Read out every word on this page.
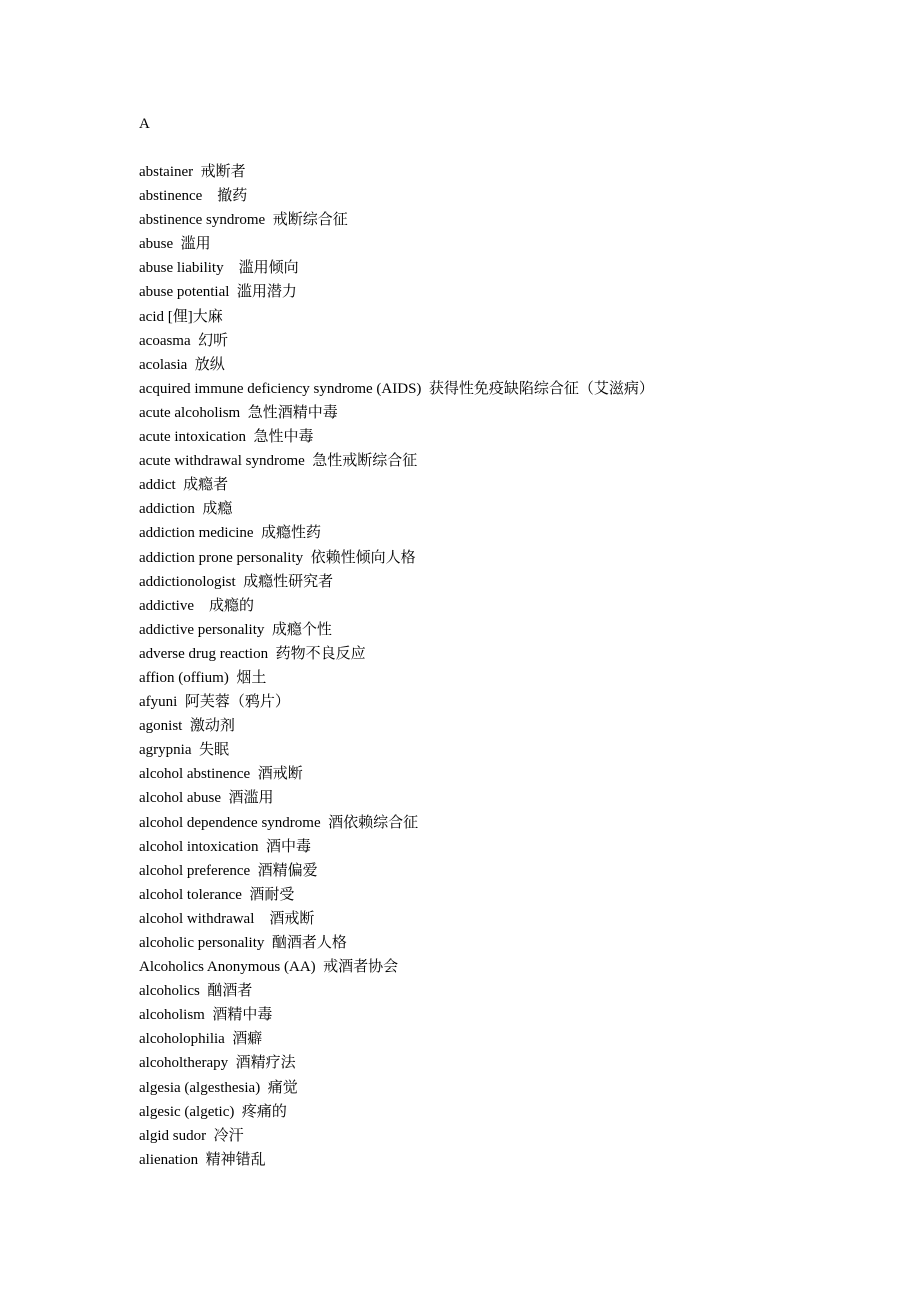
A
abstainer  戒断者
abstinence    撤药
abstinence syndrome  戒断综合征
abuse  滥用
abuse liability    滥用倾向
abuse potential  滥用潜力
acid [俚]大麻
acoasma  幻听
acolasia  放纵
acquired immune deficiency syndrome (AIDS)  获得性免疫缺陷综合征（艾滋病）
acute alcoholism  急性酒精中毒
acute intoxication  急性中毒
acute withdrawal syndrome  急性戒断综合征
addict  成瘾者
addiction  成瘾
addiction medicine  成瘾性药
addiction prone personality  依赖性倾向人格
addictionologist  成瘾性研究者
addictive    成瘾的
addictive personality  成瘾个性
adverse drug reaction  药物不良反应
affion (offium)  烟土
afyuni  阿芙蓉（鸦片）
agonist  激动剂
agrypnia  失眠
alcohol abstinence  酒戒断
alcohol abuse  酒滥用
alcohol dependence syndrome  酒依赖综合征
alcohol intoxication  酒中毒
alcohol preference  酒精偏爱
alcohol tolerance  酒耐受
alcohol withdrawal    酒戒断
alcoholic personality  酗酒者人格
Alcoholics Anonymous (AA)  戒酒者协会
alcoholics  酗酒者
alcoholism  酒精中毒
alcoholophilia  酒癖
alcoholtherapy  酒精疗法
algesia (algesthesia)  痛觉
algesic (algetic)  疼痛的
algid sudor  冷汗
alienation  精神错乱
